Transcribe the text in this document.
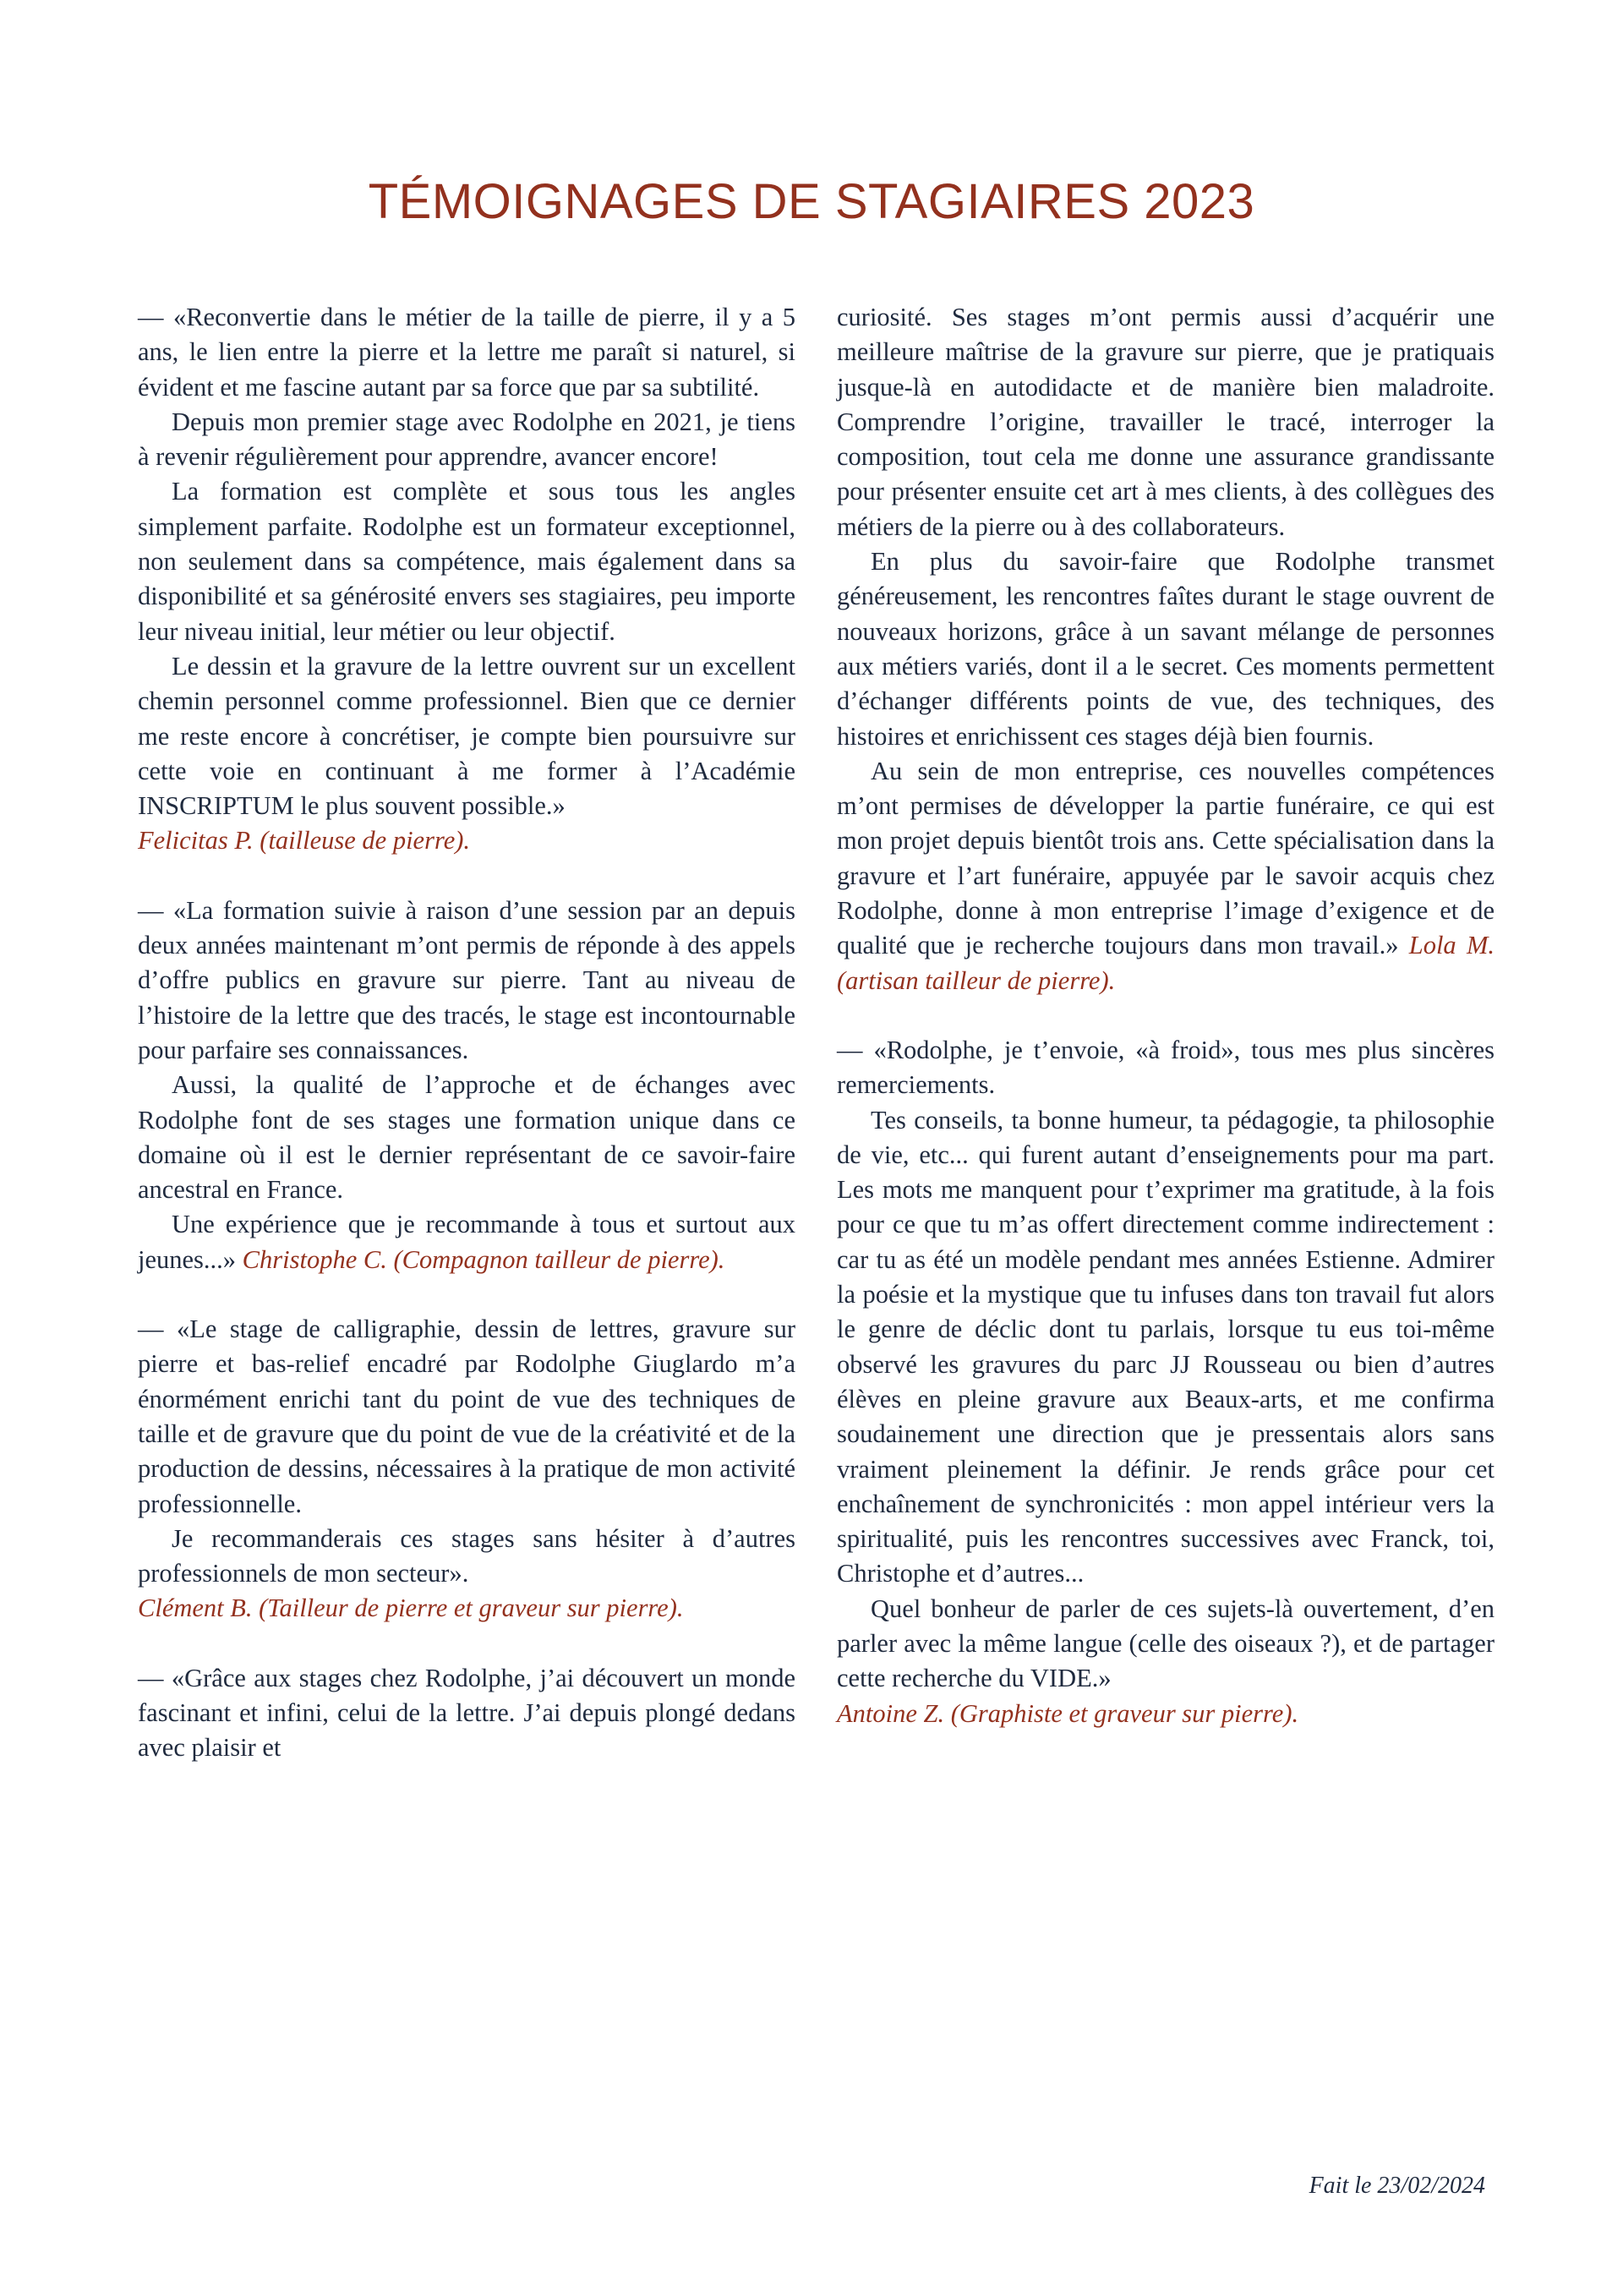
TÉMOIGNAGES DE STAGIAIRES 2023

— «Reconvertie dans le métier de la taille de pierre, il y a 5 ans, le lien entre la pierre et la lettre me paraît si naturel, si évident et me fascine autant par sa force que par sa subtilité.

Depuis mon premier stage avec Rodolphe en 2021, je tiens à revenir régulièrement pour apprendre, avancer encore!

La formation est complète et sous tous les angles simplement parfaite. Rodolphe est un formateur exceptionnel, non seulement dans sa compétence, mais également dans sa disponibilité et sa générosité envers ses stagiaires, peu importe leur niveau initial, leur métier ou leur objectif.

Le dessin et la gravure de la lettre ouvrent sur un excellent chemin personnel comme professionnel. Bien que ce dernier me reste encore à concrétiser, je compte bien poursuivre sur cette voie en continuant à me former à l’Académie INSCRIPTUM le plus souvent possible.»

Felicitas P. (tailleuse de pierre).

— «La formation suivie à raison d’une session par an depuis deux années maintenant m’ont permis de réponde à des appels d’offre publics en gravure sur pierre. Tant au niveau de l’histoire de la lettre que des tracés, le stage est incontournable pour parfaire ses connaissances.

Aussi, la qualité de l’approche et de échanges avec Rodolphe font de ses stages une formation unique dans ce domaine où il est le dernier représentant de ce savoir-faire ancestral en France.

Une expérience que je recommande à tous et surtout aux jeunes...» Christophe C. (Compagnon tailleur de pierre).

— «Le stage de calligraphie, dessin de lettres, gravure sur pierre et bas-relief encadré par Rodolphe Giuglardo m’a énormément enrichi tant du point de vue des techniques de taille et de gravure que du point de vue de la créativité et de la production de dessins, nécessaires à la pratique de mon activité professionnelle.

Je recommanderais ces stages sans hésiter à d’autres professionnels de mon secteur».

Clément B. (Tailleur de pierre et graveur sur pierre).

— «Grâce aux stages chez Rodolphe, j’ai découvert un monde fascinant et infini, celui de la lettre. J’ai depuis plongé dedans avec plaisir et

curiosité. Ses stages m’ont permis aussi d’acquérir une meilleure maîtrise de la gravure sur pierre, que je pratiquais jusque-là en autodidacte et de manière bien maladroite. Comprendre l’origine, travailler le tracé, interroger la composition, tout cela me donne une assurance grandissante pour présenter ensuite cet art à mes clients, à des collègues des métiers de la pierre ou à des collaborateurs.

En plus du savoir-faire que Rodolphe transmet généreusement, les rencontres faîtes durant le stage ouvrent de nouveaux horizons, grâce à un savant mélange de personnes aux métiers variés, dont il a le secret. Ces moments permettent d’échanger différents points de vue, des techniques, des histoires et enrichissent ces stages déjà bien fournis.

Au sein de mon entreprise, ces nouvelles compétences m’ont permises de développer la partie funéraire, ce qui est mon projet depuis bientôt trois ans. Cette spécialisation dans la gravure et l’art funéraire, appuyée par le savoir acquis chez Rodolphe, donne à mon entreprise l’image d’exigence et de qualité que je recherche toujours dans mon travail.» Lola M. (artisan tailleur de pierre).

— «Rodolphe, je t’envoie, «à froid», tous mes plus sincères remerciements.

Tes conseils, ta bonne humeur, ta pédagogie, ta philosophie de vie, etc... qui furent autant d’enseignements pour ma part. Les mots me manquent pour t’exprimer ma gratitude, à la fois pour ce que tu m’as offert directement comme indirectement : car tu as été un modèle pendant mes années Estienne. Admirer la poésie et la mystique que tu infuses dans ton travail fut alors le genre de déclic dont tu parlais, lorsque tu eus toi-même observé les gravures du parc JJ Rousseau ou bien d’autres élèves en pleine gravure aux Beaux-arts, et me confirma soudainement une direction que je pressentais alors sans vraiment pleinement la définir. Je rends grâce pour cet enchaînement de synchronicités : mon appel intérieur vers la spiritualité, puis les rencontres successives avec Franck, toi, Christophe et d’autres...

Quel bonheur de parler de ces sujets-là ouvertement, d’en parler avec la même langue (celle des oiseaux ?), et de partager cette recherche du VIDE.»

Antoine Z. (Graphiste et graveur sur pierre).

Fait le 23/02/2024
